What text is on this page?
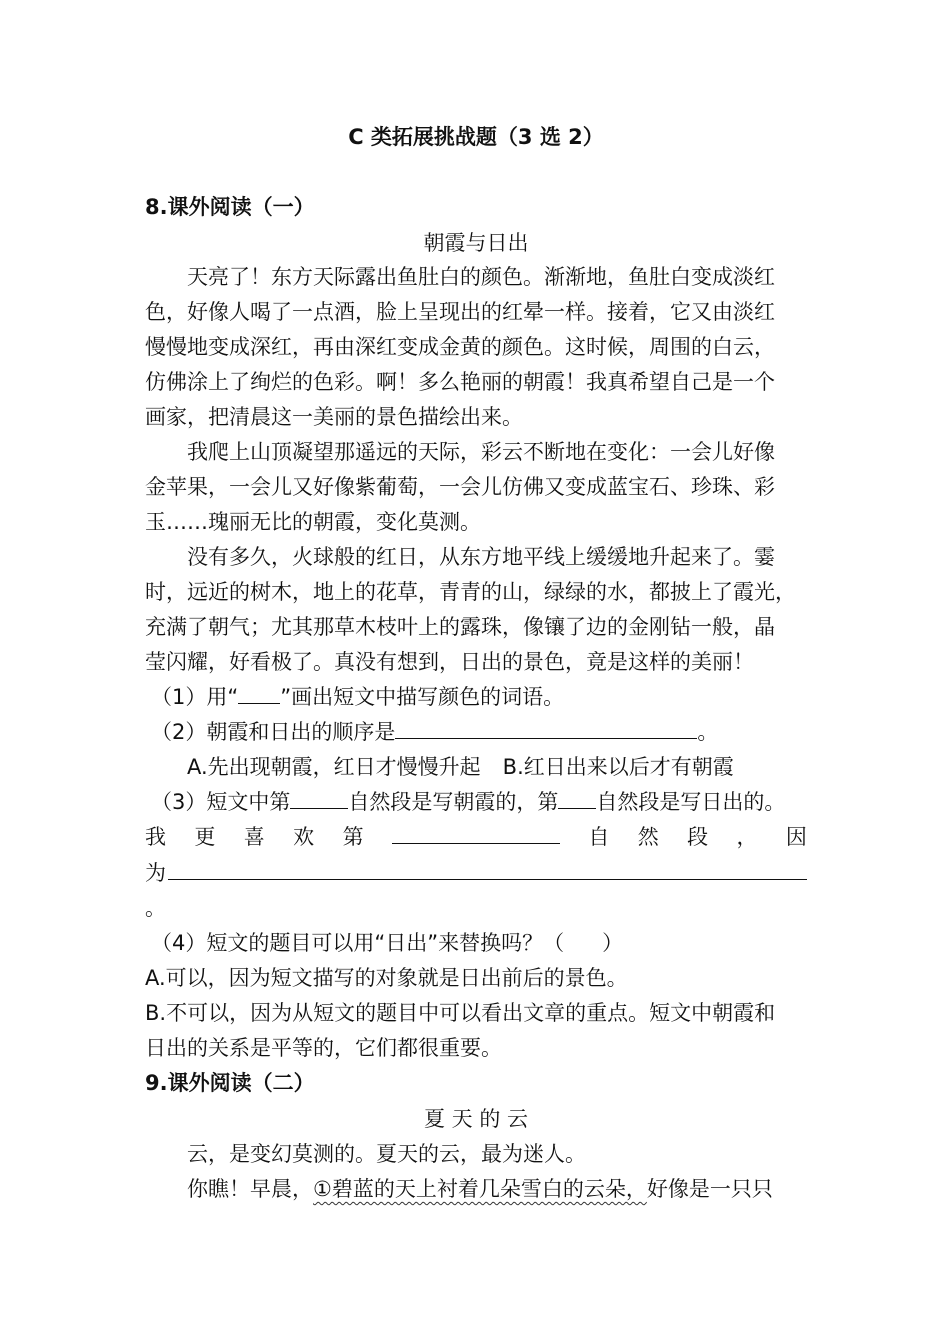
C 类拓展挑战题（3 选 2）
8.课外阅读（一）
朝霞与日出
天亮了！东方天际露出鱼肚白的颜色。渐渐地，鱼肚白变成淡红
色，好像人喝了一点酒，脸上呈现出的红晕一样。接着，它又由淡红
慢慢地变成深红，再由深红变成金黄的颜色。这时候，周围的白云，
仿佛涂上了绚烂的色彩。啊！多么艳丽的朝霞！我真希望自己是一个
画家，把清晨这一美丽的景色描绘出来。
我爬上山顶凝望那遥远的天际，彩云不断地在变化：一会儿好像
金苹果，一会儿又好像紫葡萄，一会儿仿佛又变成蓝宝石、珍珠、彩
玉……瑰丽无比的朝霞，变化莫测。
没有多久，火球般的红日，从东方地平线上缓缓地升起来了。霎
时，远近的树木，地上的花草，青青的山，绿绿的水，都披上了霞光，
充满了朝气；尤其那草木枝叶上的露珠，像镶了边的金刚钻一般，晶
莹闪耀，好看极了。真没有想到，日出的景色，竟是这样的美丽！
（1）用“ ”画出短文中描写颜色的词语。
（2）朝霞和日出的顺序是	。
A.先出现朝霞，红日才慢慢升起 B.红日出来以后才有朝霞
（3）短文中第	自然段是写朝霞的，第 自然段是写日出的。
我 更 喜 欢 第	自 然 段 ， 因
为
。
（4）短文的题目可以用“日出”来替换吗？（ ）
A.可以，因为短文描写的对象就是日出前后的景色。
B.不可以，因为从短文的题目中可以看出文章的重点。短文中朝霞和
日出的关系是平等的，它们都很重要。
9.课外阅读（二）
夏 天 的 云
云，是变幻莫测的。夏天的云，最为迷人。
你瞧！早晨，①碧蓝的天上衬着几朵雪白的云朵，好像是一只只
